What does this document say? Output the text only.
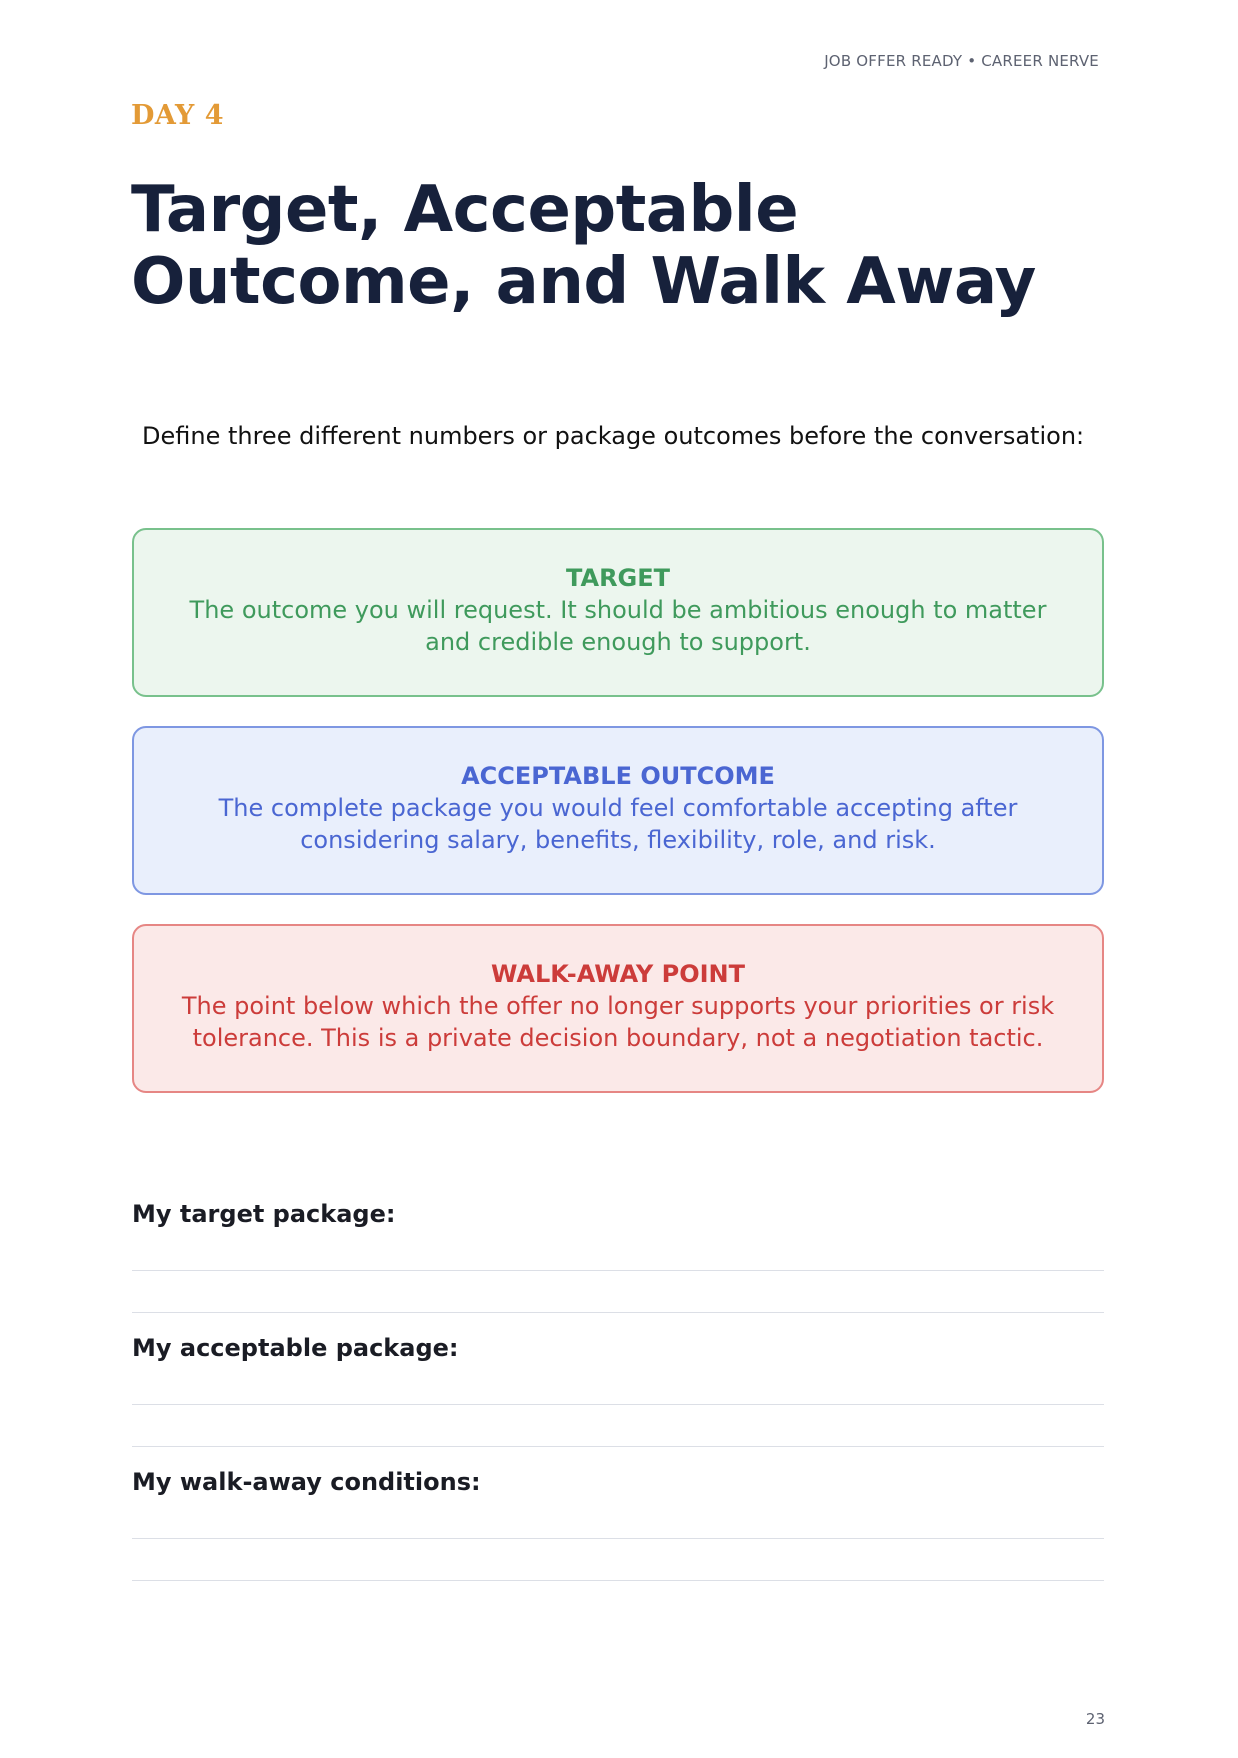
JOB OFFER READY • CAREER NERVE
DAY 4
Target, Acceptable Outcome, and Walk Away

Define three different numbers or package outcomes before the conversation:

TARGET
The outcome you will request. It should be ambitious enough to matter and credible enough to support.
ACCEPTABLE OUTCOME
The complete package you would feel comfortable accepting after considering salary, benefits, flexibility, role, and risk.
WALK-AWAY POINT
The point below which the offer no longer supports your priorities or risk tolerance. This is a private decision boundary, not a negotiation tactic.
My target package:
My acceptable package:
My walk-away conditions:
23
